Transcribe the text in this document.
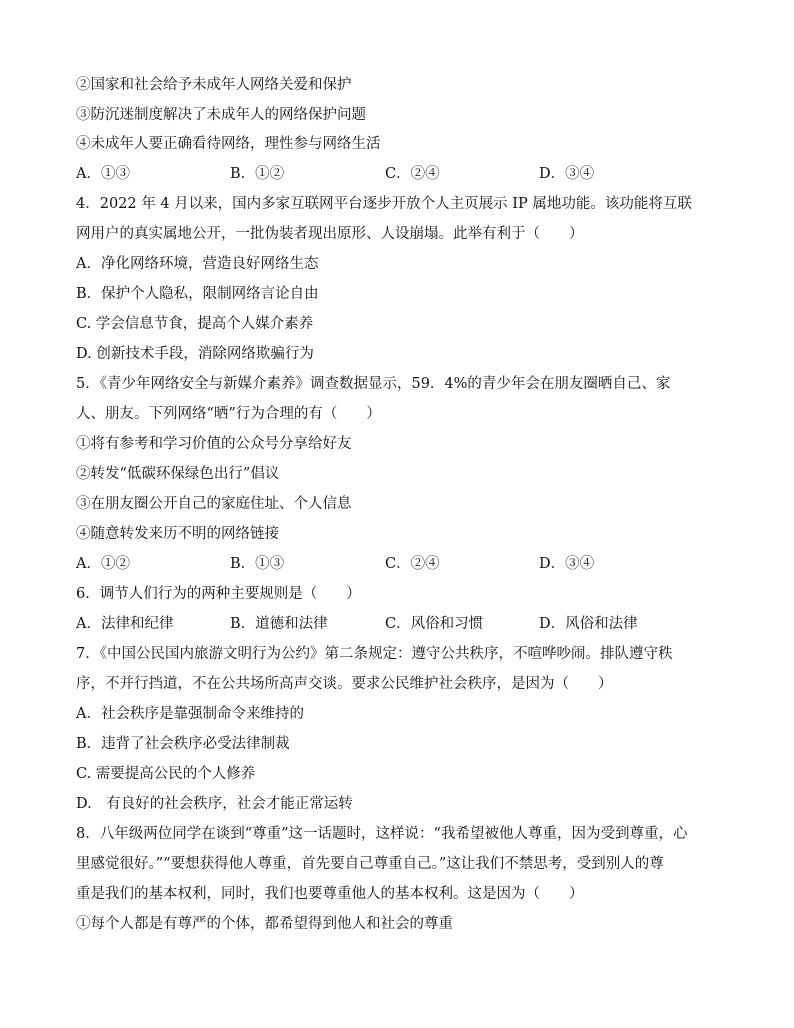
②国家和社会给予未成年人网络关爱和保护
③防沉迷制度解决了未成年人的网络保护问题
④未成年人要正确看待网络，理性参与网络生活
A．①③	B．①②	C．②④	D．③④
4．2022 年 4 月以来，国内多家互联网平台逐步开放个人主页展示 IP 属地功能。该功能将互联
网用户的真实属地公开，一批伪装者现出原形、人设崩塌。此举有利于（　　）
A．净化网络环境，营造良好网络生态
B．保护个人隐私，限制网络言论自由
C. 学会信息节食，提高个人媒介素养
D. 创新技术手段，消除网络欺骗行为
5．《青少年网络安全与新媒介素养》调查数据显示，59．4%的青少年会在朋友圈晒自己、家
人、朋友。下列网络“晒”行为合理的有（　　）
①将有参考和学习价值的公众号分享给好友
②转发“低碳环保绿色出行”倡议
③在朋友圈公开自己的家庭住址、个人信息
④随意转发来历不明的网络链接
A．①②	B．①③	C．②④	D．③④
6．调节人们行为的两种主要规则是（　　）
A．法律和纪律	B．道德和法律	C．风俗和习惯	D．风俗和法律
7．《中国公民国内旅游文明行为公约》第二条规定：遵守公共秩序，不喧哗吵闹。排队遵守秩
序，不并行挡道，不在公共场所高声交谈。要求公民维护社会秩序，是因为（　　）
A．社会秩序是靠强制命令来维持的
B．违背了社会秩序必受法律制裁
C. 需要提高公民的个人修养
D.　有良好的社会秩序，社会才能正常运转
8．八年级两位同学在谈到“尊重”这一话题时，这样说：“我希望被他人尊重，因为受到尊重，心
里感觉很好。”“要想获得他人尊重，首先要自己尊重自己。”这让我们不禁思考，受到别人的尊
重是我们的基本权利，同时，我们也要尊重他人的基本权利。这是因为（　　）
①每个人都是有尊严的个体，都希望得到他人和社会的尊重
